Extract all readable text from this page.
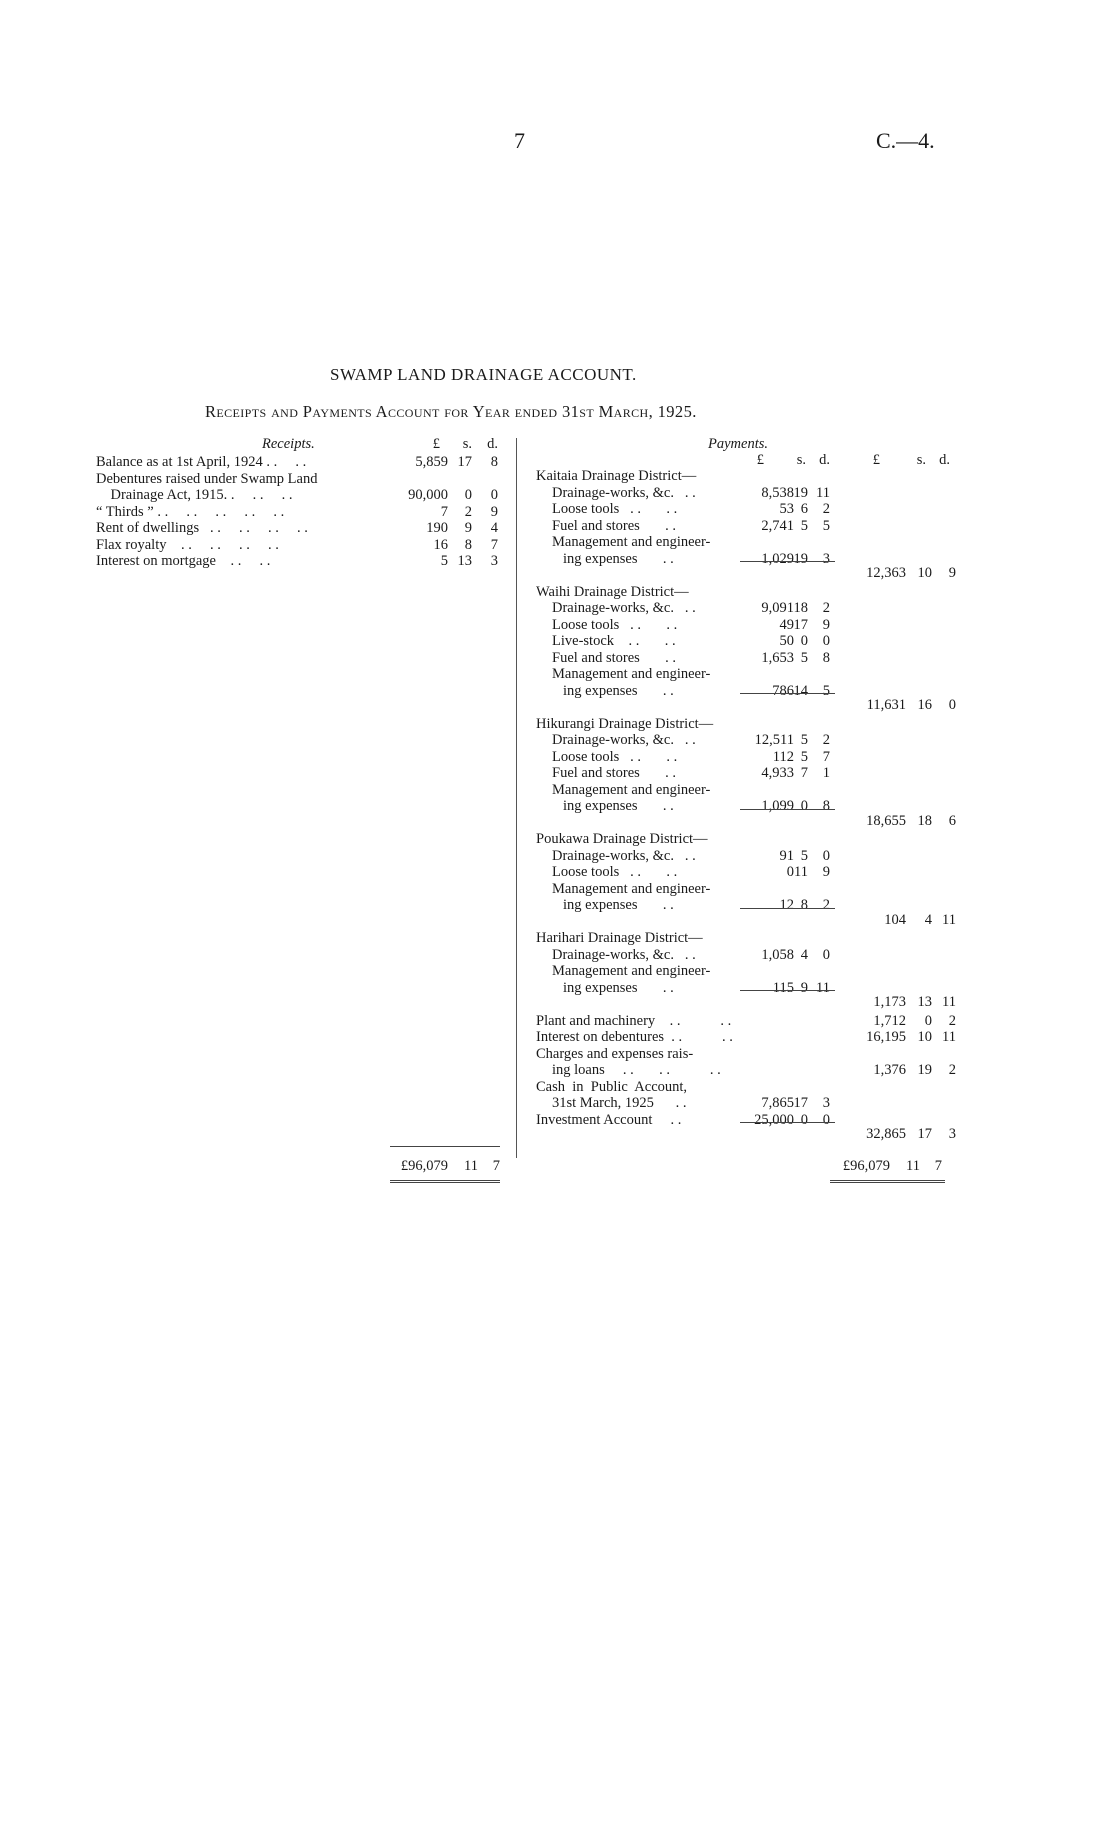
7	C.—4.
SWAMP LAND DRAINAGE ACCOUNT.
Receipts and Payments Account for Year ended 31st March, 1925.
Receipts.	£	s.	d.
Balance as at 1st April, 1924 . .     . .	5,859 17	8
Debentures raised under Swamp Land
Drainage Act, 1915. .     . .     . .	90,000	0	0
“ Thirds ” . .     . .     . .     . .     . .	7	2	9
Rent of dwellings   . .     . .     . .     . .	190	9	4
Flax royalty    . .     . .     . .     . .	16	8	7
Interest on mortgage    . .     . .	5 13	3
Payments.
£	s. d.	£	s. d.
Kaitaia Drainage District—
Drainage-works, &c.   . .	8,538 19 11
Loose tools   . .       . .	53 6	2
Fuel and stores       . .	2,741 5	5
Management and engineer-
ing expenses       . .	1,029 19	3
12,363 10	9
Waihi Drainage District—
Drainage-works, &c.   . .	9,091 18	2
Loose tools   . .       . .	49 17	9
Live-stock    . .       . .	50 0	0
Fuel and stores       . .	1,653 5	8
Management and engineer-
ing expenses       . .	786 14	5
11,631 16	0
Hikurangi Drainage District—
Drainage-works, &c.   . .	12,511 5	2
Loose tools   . .       . .	112 5	7
Fuel and stores       . .	4,933 7	1
Management and engineer-
ing expenses       . .	1,099 0	8
18,655 18	6
Poukawa Drainage District—
Drainage-works, &c.   . .	91 5	0
Loose tools   . .       . .	0 11	9
Management and engineer-
ing expenses       . .	12 8	2
104	4 11
Harihari Drainage District—
Drainage-works, &c.   . .	1,058 4	0
Management and engineer-
ing expenses       . .	115 9 11
1,173 13 11
Plant and machinery    . .           . .	1,712	0	2
Interest on debentures  . .           . .	16,195 10 11
Charges and expenses rais-
ing loans     . .       . .           . .	1,376 19	2
Cash  in  Public  Account,
31st March, 1925      . .	7,865 17	3
Investment Account     . .	25,000 0	0
32,865 17	3
£96,079	11	7	£96,079	11	7
